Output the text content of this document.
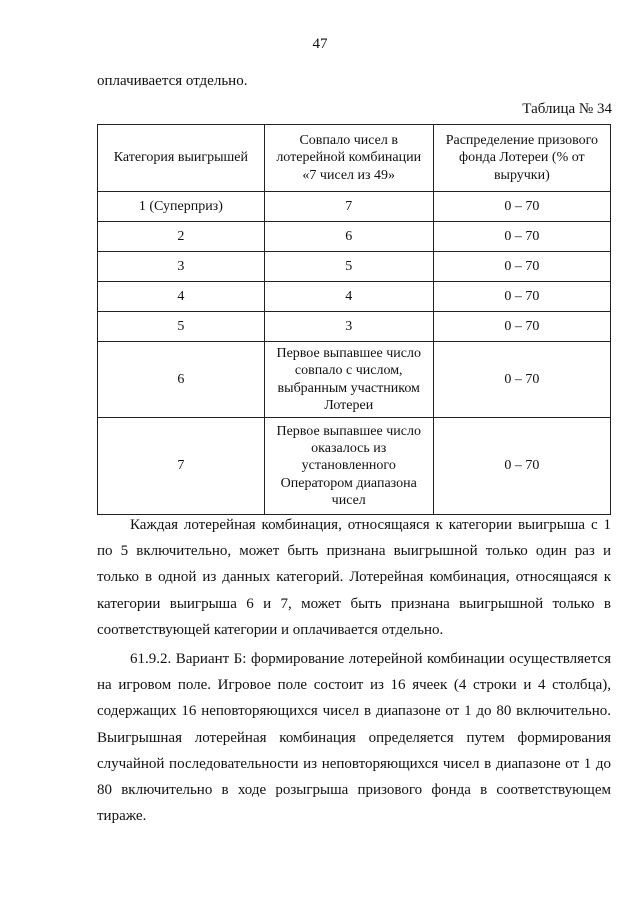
47
оплачивается отдельно.
Таблица № 34
Категория выигрышей	Совпало чисел в лотерейной комбинации «7 чисел из 49»	Распределение призового фонда Лотереи (% от выручки)
1 (Суперприз)	7	0 – 70
2	6	0 – 70
3	5	0 – 70
4	4	0 – 70
5	3	0 – 70
6	Первое выпавшее число совпало с числом, выбранным участником Лотереи	0 – 70
7	Первое выпавшее число оказалось из установленного Оператором диапазона чисел	0 – 70

Каждая лотерейная комбинация, относящаяся к категории выигрыша с 1 по 5 включительно, может быть признана выигрышной только один раз и только в одной из данных категорий. Лотерейная комбинация, относящаяся к категории выигрыша 6 и 7, может быть признана выигрышной только в соответствующей категории и оплачивается отдельно.

61.9.2. Вариант Б: формирование лотерейной комбинации осуществляется на игровом поле. Игровое поле состоит из 16 ячеек (4 строки и 4 столбца), содержащих 16 неповторяющихся чисел в диапазоне от 1 до 80 включительно. Выигрышная лотерейная комбинация определяется путем формирования случайной последовательности из неповторяющихся чисел в диапазоне от 1 до 80 включительно в ходе розыгрыша призового фонда в соответствующем тираже.
